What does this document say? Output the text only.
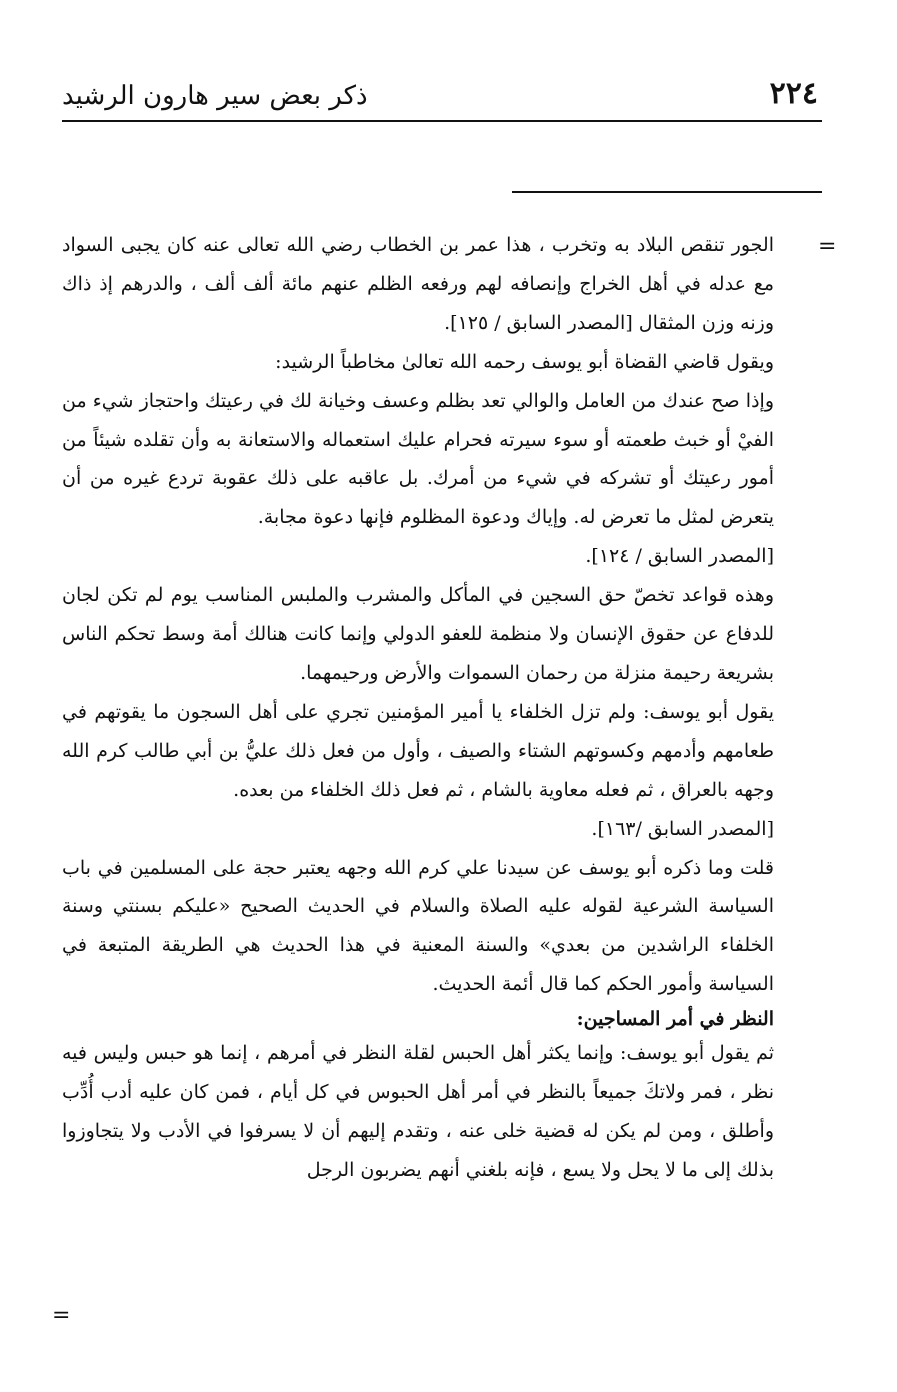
٢٢٤
ذكر بعض سير هارون الرشيد
=

الجور تنقص البلاد به وتخرب ، هذا عمر بن الخطاب رضي الله تعالى عنه كان يجبى السواد مع عدله في أهل الخراج وإنصافه لهم ورفعه الظلم عنهم مائة ألف ألف ، والدرهم إذ ذاك وزنه وزن المثقال [المصدر السابق / ١٢٥].

ويقول قاضي القضاة أبو يوسف رحمه الله تعالىٰ مخاطباً الرشيد:

وإذا صح عندك من العامل والوالي تعد بظلم وعسف وخيانة لك في رعيتك واحتجاز شيء من الفيْ أو خبث طعمته أو سوء سيرته فحرام عليك استعماله والاستعانة به وأن تقلده شيئاً من أمور رعيتك أو تشركه في شيء من أمرك. بل عاقبه على ذلك عقوبة تردع غيره من أن يتعرض لمثل ما تعرض له. وإياك ودعوة المظلوم فإنها دعوة مجابة.

[المصدر السابق / ١٢٤].

وهذه قواعد تخصّ حق السجين في المأكل والمشرب والملبس المناسب يوم لم تكن لجان للدفاع عن حقوق الإنسان ولا منظمة للعفو الدولي وإنما كانت هنالك أمة وسط تحكم الناس بشريعة رحيمة منزلة من رحمان السموات والأرض ورحيمهما.

يقول أبو يوسف: ولم تزل الخلفاء يا أمير المؤمنين تجري على أهل السجون ما يقوتهم في طعامهم وأدمهم وكسوتهم الشتاء والصيف ، وأول من فعل ذلك عليُّ بن أبي طالب كرم الله وجهه بالعراق ، ثم فعله معاوية بالشام ، ثم فعل ذلك الخلفاء من بعده.

[المصدر السابق /١٦٣].

قلت وما ذكره أبو يوسف عن سيدنا علي كرم الله وجهه يعتبر حجة على المسلمين في باب السياسة الشرعية لقوله عليه الصلاة والسلام في الحديث الصحيح «عليكم بسنتي وسنة الخلفاء الراشدين من بعدي» والسنة المعنية في هذا الحديث هي الطريقة المتبعة في السياسة وأمور الحكم كما قال أئمة الحديث.

النظر في أمر المساجين:

ثم يقول أبو يوسف: وإنما يكثر أهل الحبس لقلة النظر في أمرهم ، إنما هو حبس وليس فيه نظر ، فمر ولاتكَ جميعاً بالنظر في أمر أهل الحبوس في كل أيام ، فمن كان عليه أدب أُدِّب وأطلق ، ومن لم يكن له قضية خلى عنه ، وتقدم إليهم أن لا يسرفوا في الأدب ولا يتجاوزوا بذلك إلى ما لا يحل ولا يسع ، فإنه بلغني أنهم يضربون الرجل

=
